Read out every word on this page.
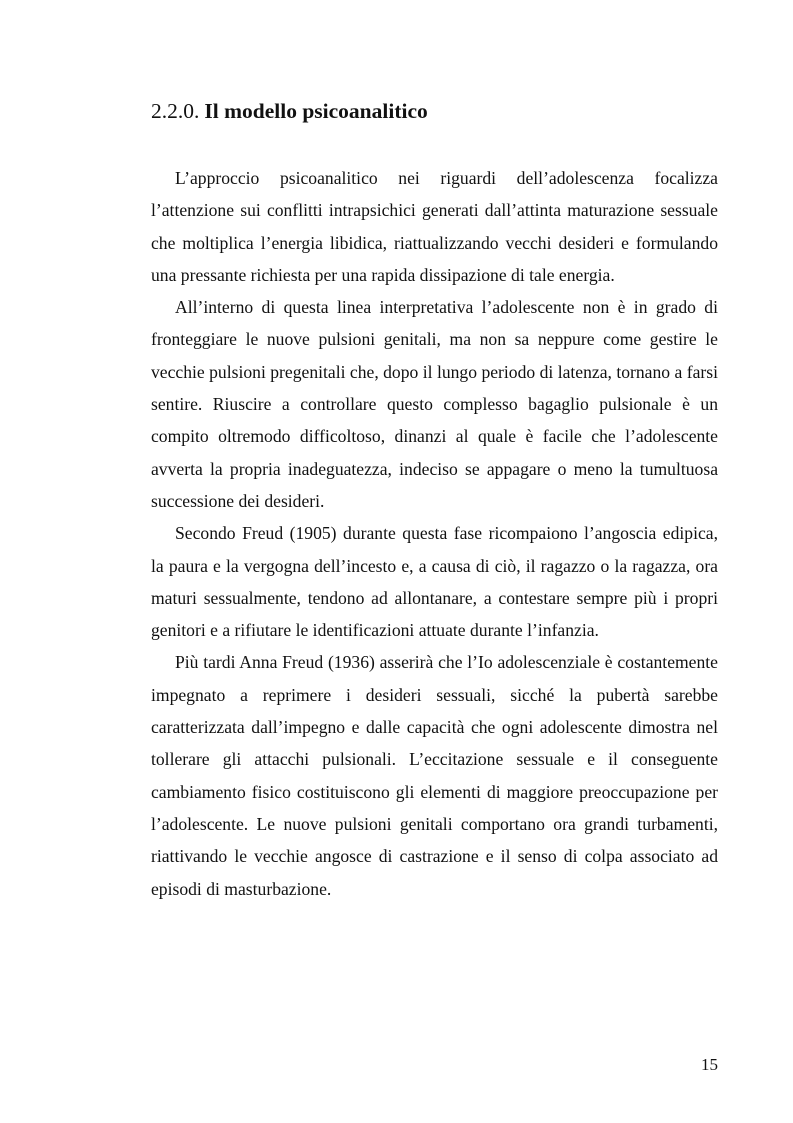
2.2.0. Il modello psicoanalitico

L’approccio psicoanalitico nei riguardi dell’adolescenza focalizza l’attenzione sui conflitti intrapsichici generati dall’attinta maturazione sessuale che moltiplica l’energia libidica, riattualizzando vecchi desideri e formulando una pressante richiesta per una rapida dissipazione di tale energia.

All’interno di questa linea interpretativa l’adolescente non è in grado di fronteggiare le nuove pulsioni genitali, ma non sa neppure come gestire le vecchie pulsioni pregenitali che, dopo il lungo periodo di latenza, tornano a farsi sentire. Riuscire a controllare questo complesso bagaglio pulsionale è un compito oltremodo difficoltoso, dinanzi al quale è facile che l’adolescente avverta la propria inadeguatezza, indeciso se appagare o meno la tumultuosa successione dei desideri.

Secondo Freud (1905) durante questa fase ricompaiono l’angoscia edipica, la paura e la vergogna dell’incesto e, a causa di ciò, il ragazzo o la ragazza, ora maturi sessualmente, tendono ad allontanare, a contestare sempre più i propri genitori e a rifiutare le identificazioni attuate durante l’infanzia.

Più tardi Anna Freud (1936) asserirà che l’Io adolescenziale è costantemente impegnato a reprimere i desideri sessuali, sicché la pubertà sarebbe caratterizzata dall’impegno e dalle capacità che ogni adolescente dimostra nel tollerare gli attacchi pulsionali. L’eccitazione sessuale e il conseguente cambiamento fisico costituiscono gli elementi di maggiore preoccupazione per l’adolescente. Le nuove pulsioni genitali comportano ora grandi turbamenti, riattivando le vecchie angosce di castrazione e il senso di colpa associato ad episodi di masturbazione.

15
